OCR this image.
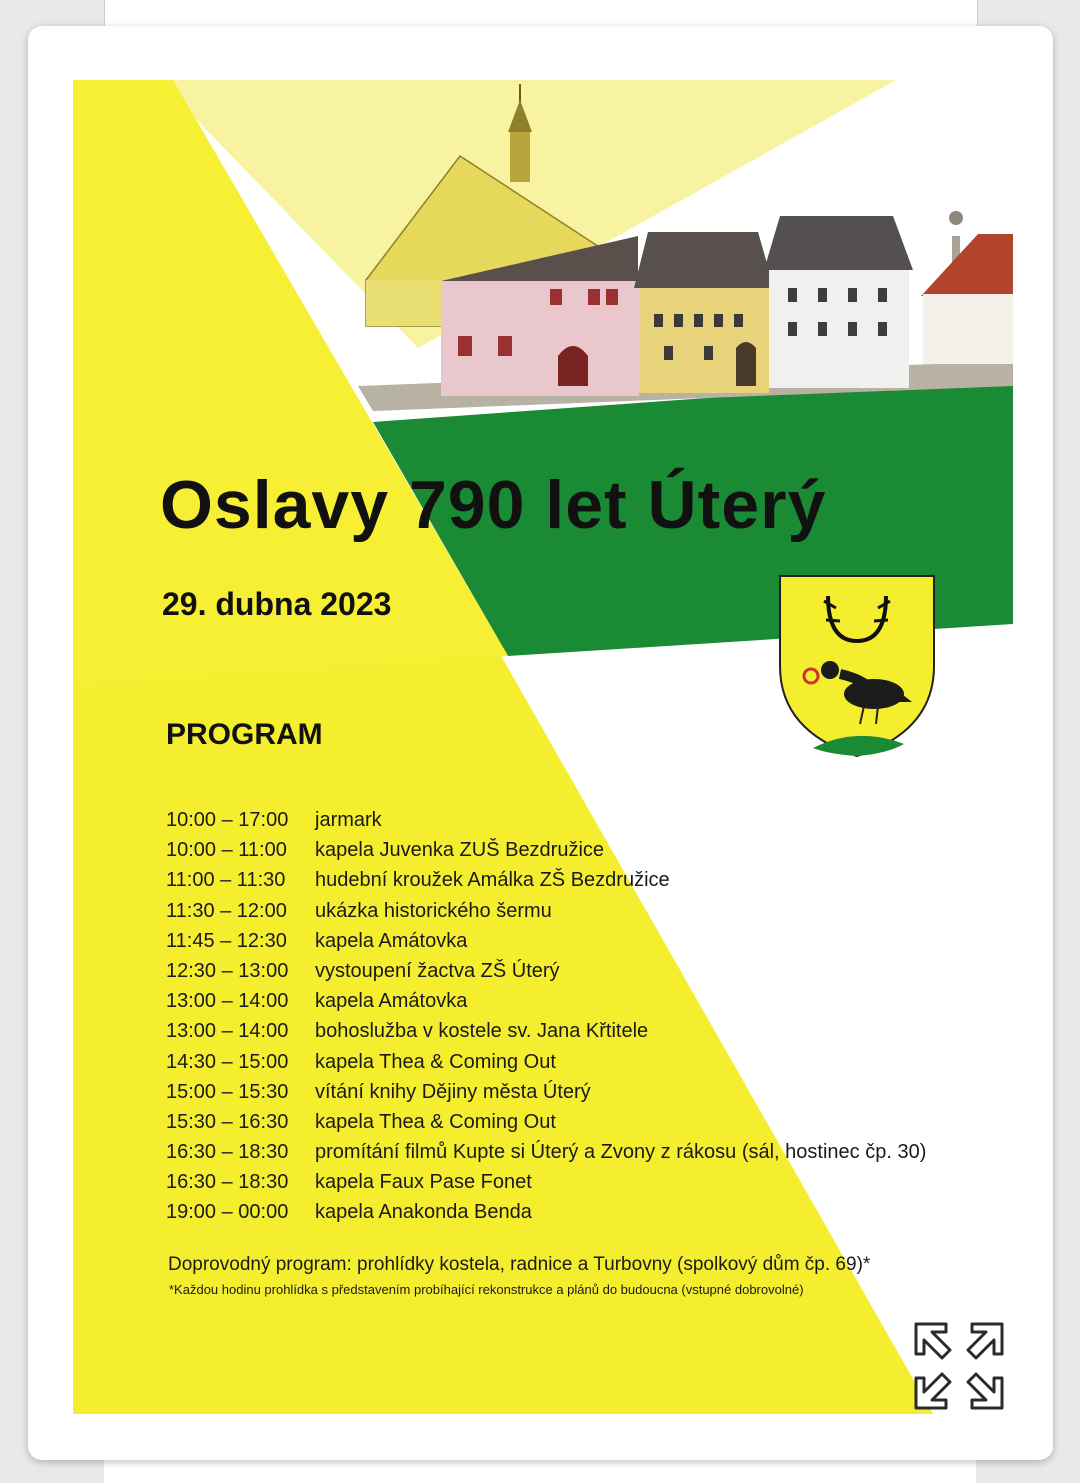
Oslavy 790 let Úterý
29. dubna 2023
PROGRAM
10:00 – 17:00 jarmark
10:00 – 11:00 kapela Juvenka ZUŠ Bezdružice
11:00 – 11:30 hudební kroužek Amálka ZŠ Bezdružice
11:30 – 12:00 ukázka historického šermu
11:45 – 12:30 kapela Amátovka
12:30 – 13:00 vystoupení žactva ZŠ Úterý
13:00 – 14:00 kapela Amátovka
13:00 – 14:00 bohoslužba v kostele sv. Jana Křtitele
14:30 – 15:00 kapela Thea & Coming Out
15:00 – 15:30 vítání knihy Dějiny města Úterý
15:30 – 16:30 kapela Thea & Coming Out
16:30 – 18:30 promítání filmů Kupte si Úterý a Zvony z rákosu (sál, hostinec čp. 30)
16:30 – 18:30 kapela Faux Pase Fonet
19:00 – 00:00 kapela Anakonda Benda
Doprovodný program: prohlídky kostela, radnice a Turbovny (spolkový dům čp. 69)*
*Každou hodinu prohlídka s představením probíhající rekonstrukce a plánů do budoucna (vstupné dobrovolné)
